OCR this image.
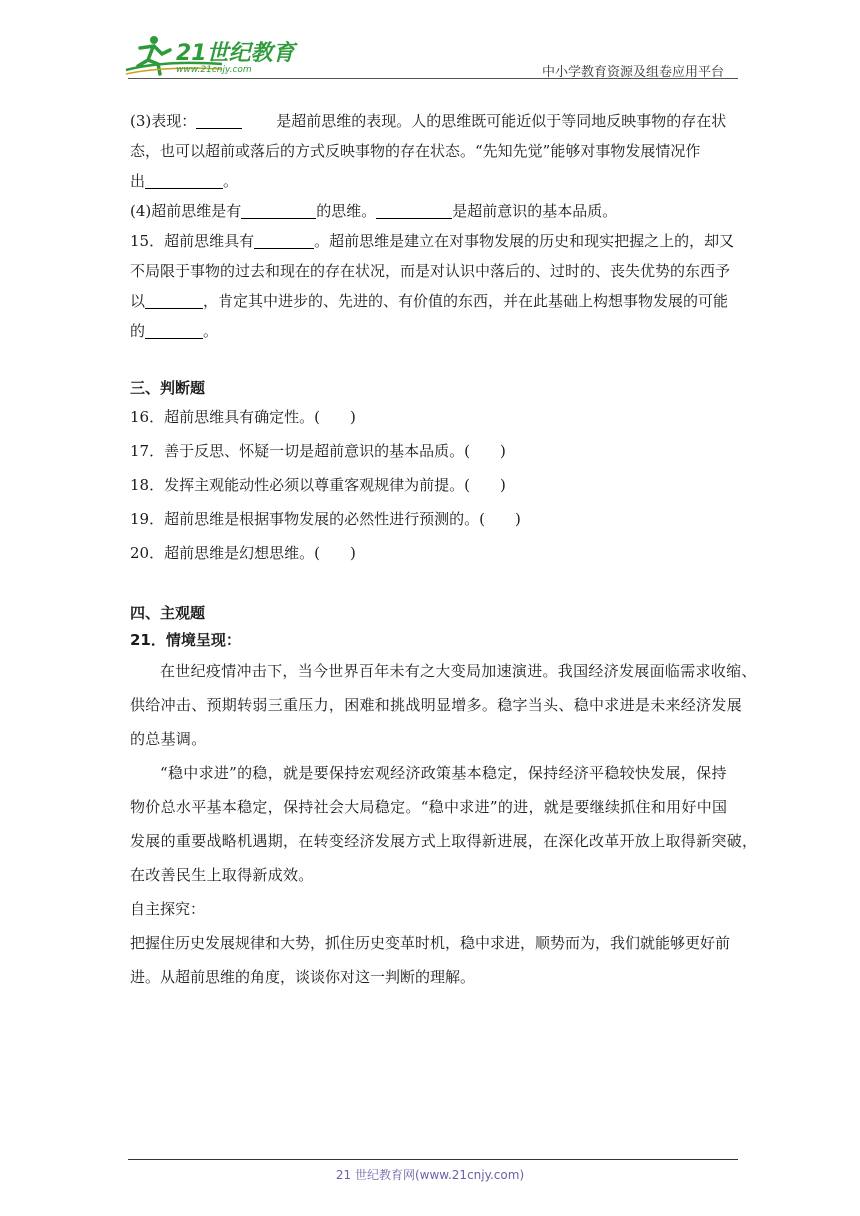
21世纪教育
www.21cnjy.com	中小学教育资源及组卷应用平台
(3)表现：	是超前思维的表现。人的思维既可能近似于等同地反映事物的存在状
态，也可以超前或落后的方式反映事物的存在状态。“先知先觉”能够对事物发展情况作
出	。
(4)超前思维是有	的思维。	是超前意识的基本品质。
15．超前思维具有	。超前思维是建立在对事物发展的历史和现实把握之上的，却又
不局限于事物的过去和现在的存在状况，而是对认识中落后的、过时的、丧失优势的东西予
以	，肯定其中进步的、先进的、有价值的东西，并在此基础上构想事物发展的可能
的	。
三、判断题
16．超前思维具有确定性。(　　)
17．善于反思、怀疑一切是超前意识的基本品质。(　　)
18．发挥主观能动性必须以尊重客观规律为前提。(　　)
19．超前思维是根据事物发展的必然性进行预测的。(　　)
20．超前思维是幻想思维。(　　)
四、主观题
21．情境呈现：
在世纪疫情冲击下，当今世界百年未有之大变局加速演进。我国经济发展面临需求收缩、
供给冲击、预期转弱三重压力，困难和挑战明显增多。稳字当头、稳中求进是未来经济发展
的总基调。
“稳中求进”的稳，就是要保持宏观经济政策基本稳定，保持经济平稳较快发展，保持
物价总水平基本稳定，保持社会大局稳定。“稳中求进”的进，就是要继续抓住和用好中国
发展的重要战略机遇期，在转变经济发展方式上取得新进展，在深化改革开放上取得新突破，
在改善民生上取得新成效。
自主探究：
把握住历史发展规律和大势，抓住历史变革时机，稳中求进，顺势而为，我们就能够更好前
进。从超前思维的角度，谈谈你对这一判断的理解。
21 世纪教育网(www.21cnjy.com)
